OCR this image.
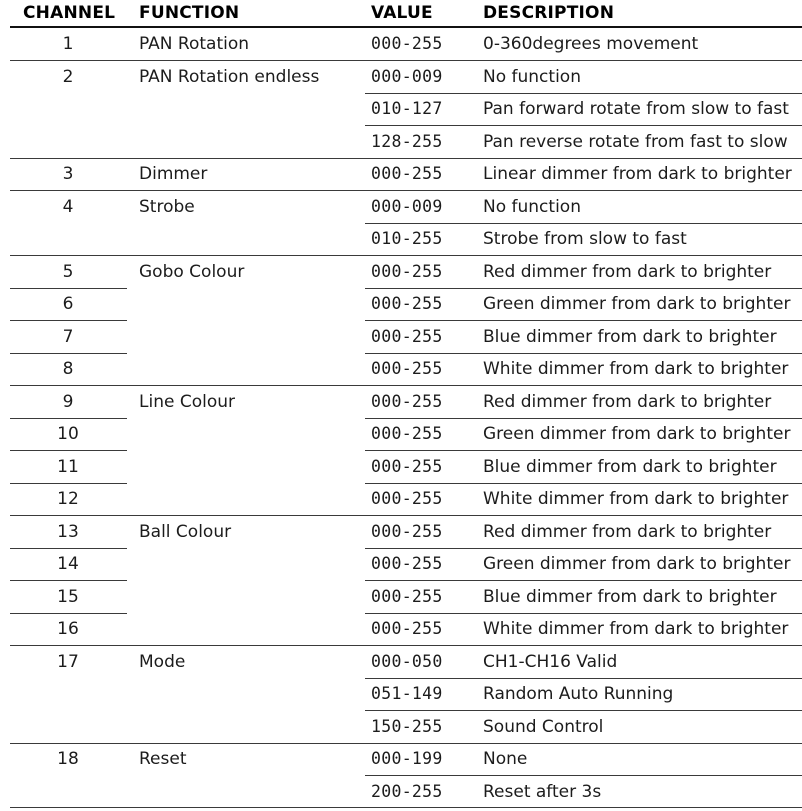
CHANNEL FUNCTION	VALUE	DESCRIPTION
1	PAN Rotation	000-255 0-360degrees movement
2	PAN Rotation endless	000-009 No function
010-127 Pan forward rotate from slow to fast
128-255 Pan reverse rotate from fast to slow
3	Dimmer	000-255 Linear dimmer from dark to brighter
4	Strobe	000-009 No function
010-255 Strobe from slow to fast
5	Gobo Colour	000-255 Red dimmer from dark to brighter
6	000-255 Green dimmer from dark to brighter
7	000-255 Blue dimmer from dark to brighter
8	000-255 White dimmer from dark to brighter
9	Line Colour	000-255 Red dimmer from dark to brighter
10	000-255 Green dimmer from dark to brighter
11	000-255 Blue dimmer from dark to brighter
12	000-255 White dimmer from dark to brighter
13	Ball Colour	000-255 Red dimmer from dark to brighter
14	000-255 Green dimmer from dark to brighter
15	000-255 Blue dimmer from dark to brighter
16	000-255 White dimmer from dark to brighter
17	Mode	000-050 CH1-CH16 Valid
051-149 Random Auto Running
150-255 Sound Control
18	Reset	000-199 None
200-255 Reset after 3s
